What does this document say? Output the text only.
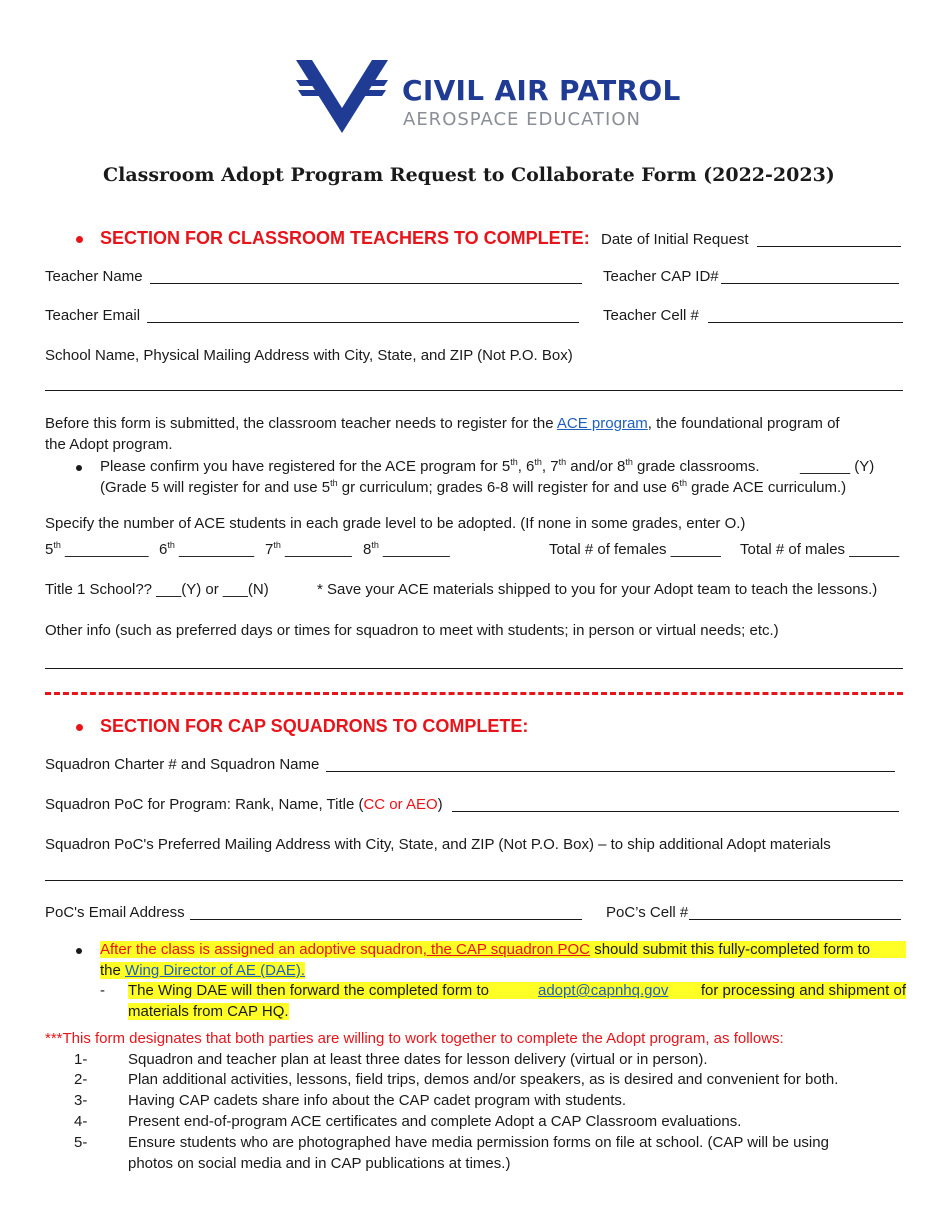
CIVIL AIR PATROL
AEROSPACE EDUCATION
Classroom Adopt Program Request to Collaborate Form (2022-2023)
SECTION FOR CLASSROOM TEACHERS TO COMPLETE: Date of Initial Request
Teacher Name	Teacher CAP ID#
Teacher Email	Teacher Cell #
School Name, Physical Mailing Address with City, State, and ZIP (Not P.O. Box)
Before this form is submitted, the classroom teacher needs to register for the ACE program, the foundational program of
the Adopt program.
Please confirm you have registered for the ACE program for 5th, 6th, 7th and/or 8th grade classrooms.	______ (Y)
(Grade 5 will register for and use 5th gr curriculum; grades 6-8 will register for and use 6th grade ACE curriculum.)
Specify the number of ACE students in each grade level to be adopted. (If none in some grades, enter O.)
5th __________ 6th _________ 7th ________ 8th ________	Total # of females ______ Total # of males ______
Title 1 School?? ___(Y) or ___(N)	* Save your ACE materials shipped to you for your Adopt team to teach the lessons.)
Other info (such as preferred days or times for squadron to meet with students; in person or virtual needs; etc.)
SECTION FOR CAP SQUADRONS TO COMPLETE:
Squadron Charter # and Squadron Name
Squadron PoC for Program: Rank, Name, Title (CC or AEO)
Squadron PoC's Preferred Mailing Address with City, State, and ZIP (Not P.O. Box) – to ship additional Adopt materials
PoC's Email Address	PoC’s Cell #
After the class is assigned an adoptive squadron, the CAP squadron POC should submit this fully-completed form to
the Wing Director of AE (DAE).
- The Wing DAE will then forward the completed form to	adopt@capnhq.gov for processing and shipment of
materials from CAP HQ.
***This form designates that both parties are willing to work together to complete the Adopt program, as follows:
1-	Squadron and teacher plan at least three dates for lesson delivery (virtual or in person).
2-	Plan additional activities, lessons, field trips, demos and/or speakers, as is desired and convenient for both.
3-	Having CAP cadets share info about the CAP cadet program with students.
4-	Present end-of-program ACE certificates and complete Adopt a CAP Classroom evaluations.
5-	Ensure students who are photographed have media permission forms on file at school. (CAP will be using
photos on social media and in CAP publications at times.)
